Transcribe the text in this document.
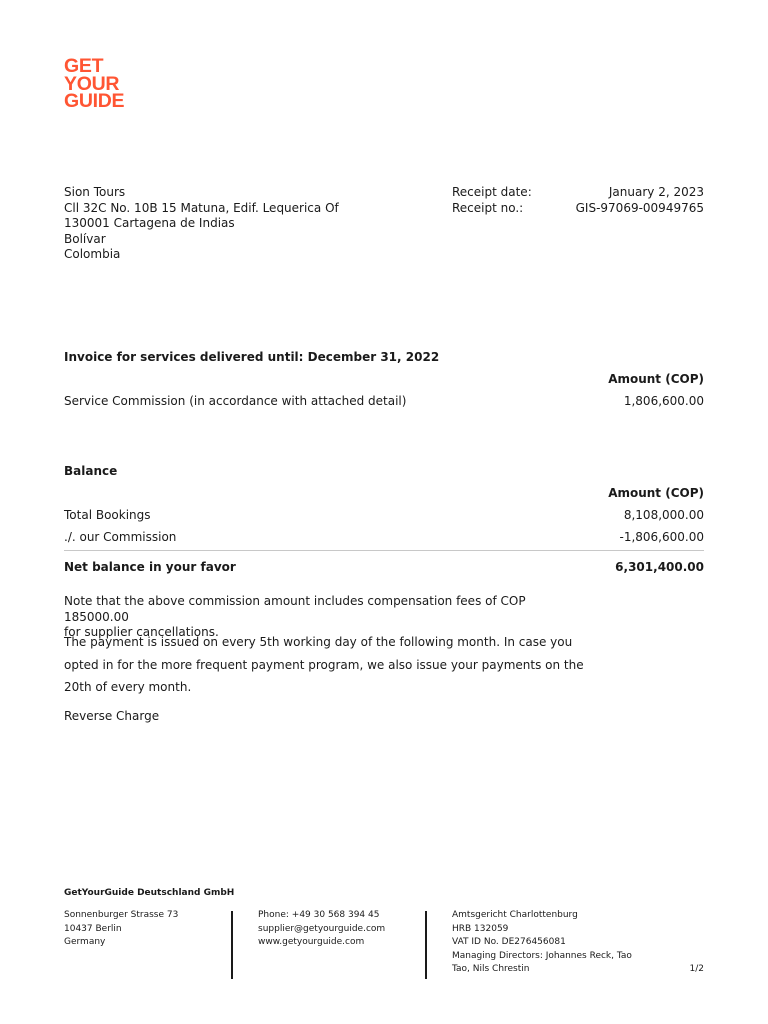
GET
YOUR
GUIDE
Sion Tours
Cll 32C No. 10B 15 Matuna, Edif. Lequerica Of
130001 Cartagena de Indias
Bolívar
Colombia
Receipt date:	January 2, 2023
Receipt no.:	GIS-97069-00949765
Invoice for services delivered until: December 31, 2022
Amount (COP)
Service Commission (in accordance with attached detail)	1,806,600.00
Balance
Amount (COP)
Total Bookings	8,108,000.00
./. our Commission	-1,806,600.00
Net balance in your favor	6,301,400.00
Note that the above commission amount includes compensation fees of COP 185000.00
for supplier cancellations.
The payment is issued on every 5th working day of the following month. In case you
opted in for the more frequent payment program, we also issue your payments on the
20th of every month.
Reverse Charge
GetYourGuide Deutschland GmbH
Sonnenburger Strasse 73
10437 Berlin
Germany
Phone: +49 30 568 394 45
supplier@getyourguide.com
www.getyourguide.com
Amtsgericht Charlottenburg
HRB 132059
VAT ID No. DE276456081
Managing Directors: Johannes Reck, Tao
Tao, Nils Chrestin	1/2
